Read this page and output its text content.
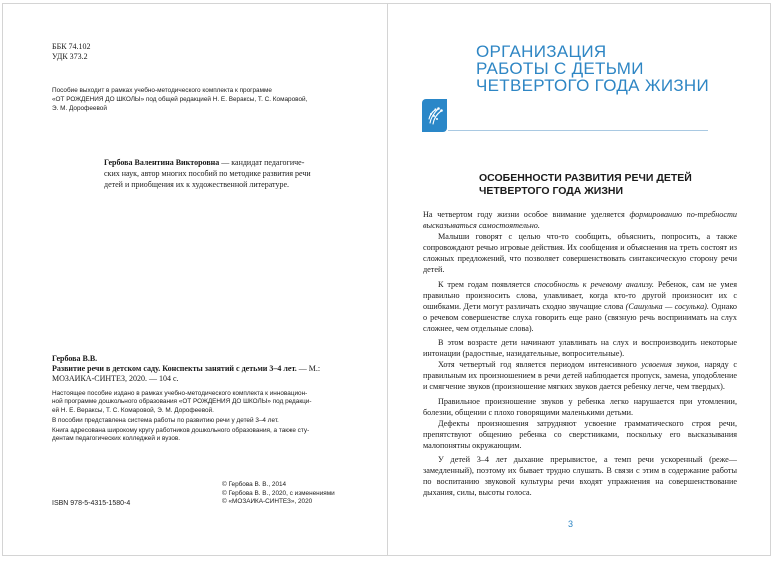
ББК 74.102
УДК 373.2
Пособие выходит в рамках учебно-методического комплекта к программе
«ОТ РОЖДЕНИЯ ДО ШКОЛЫ» под общей редакцией Н. Е. Вераксы, Т. С. Комаровой,
Э. М. Дорофеевой
Гербова Валентина Викторовна — кандидат педагогиче-
ских наук, автор многих пособий по методике развития речи
детей и приобщения их к художественной литературе.
Гербова В.В.
Развитие речи в детском саду. Конспекты занятий с детьми 3–4 лет. — М.:
МОЗАИКА-СИНТЕЗ, 2020. — 104 с.

Настоящее пособие издано в рамках учебно-методического комплекта к инновацион-
ной программе дошкольного образования «ОТ РОЖДЕНИЯ ДО ШКОЛЫ» под редакци-
ей Н. Е. Вераксы, Т. С. Комаровой, Э. М. Дорофеевой.

В пособии представлена система работы по развитию речи у детей 3–4 лет.

Книга адресована широкому кругу работников дошкольного образования, а также сту-
дентам педагогических колледжей и вузов.

© Гербова В. В., 2014

© Гербова В. В., 2020, с изменениями

© «МОЗАИКА-СИНТЕЗ», 2020

ISBN 978-5-4315-1580-4
ОРГАНИЗАЦИЯ
РАБОТЫ С ДЕТЬМИ
ЧЕТВЕРТОГО ГОДА ЖИЗНИ
ОСОБЕННОСТИ РАЗВИТИЯ РЕЧИ ДЕТЕЙ
ЧЕТВЕРТОГО ГОДА ЖИЗНИ

На четвертом году жизни особое внимание уделяется формированию по-требности высказываться самостоятельно.

Малыши говорят с целью что-то сообщить, объяснить, попросить, а также сопровождают речью игровые действия. Их сообщения и объяснения на треть состоят из сложных предложений, что позволяет совершенствовать синтаксическую сторону речи детей.

К трем годам появляется способность к речевому анализу. Ребенок, сам не умея правильно произносить слова, улавливает, когда кто-то другой произносит их с ошибками. Дети могут различать сходно звучащие слова (Сашулька — сосулька). Однако о речевом совершенстве слуха говорить еще рано (связную речь воспринимать на слух сложнее, чем отдельные слова).

В этом возрасте дети начинают улавливать на слух и воспроизводить некоторые интонации (радостные, назидательные, вопросительные).

Хотя четвертый год является периодом интенсивного усвоения звуков, наряду с правильным их произношением в речи детей наблюдается пропуск, замена, уподобление и смягчение звуков (произношение мягких звуков дается ребенку легче, чем твердых).

Правильное произношение звуков у ребенка легко нарушается при утомлении, болезни, общении с плохо говорящими маленькими детьми.

Дефекты произношения затрудняют усвоение грамматического строя речи, препятствуют общению ребенка со сверстниками, поскольку его высказывания малопонятны окружающим.

У детей 3–4 лет дыхание прерывистое, а темп речи ускоренный (реже—замедленный), поэтому их бывает трудно слушать. В связи с этим в содержание работы по воспитанию звуковой культуры речи входят упражнения на совершенствование дыхания, силы, высоты голоса.

3
